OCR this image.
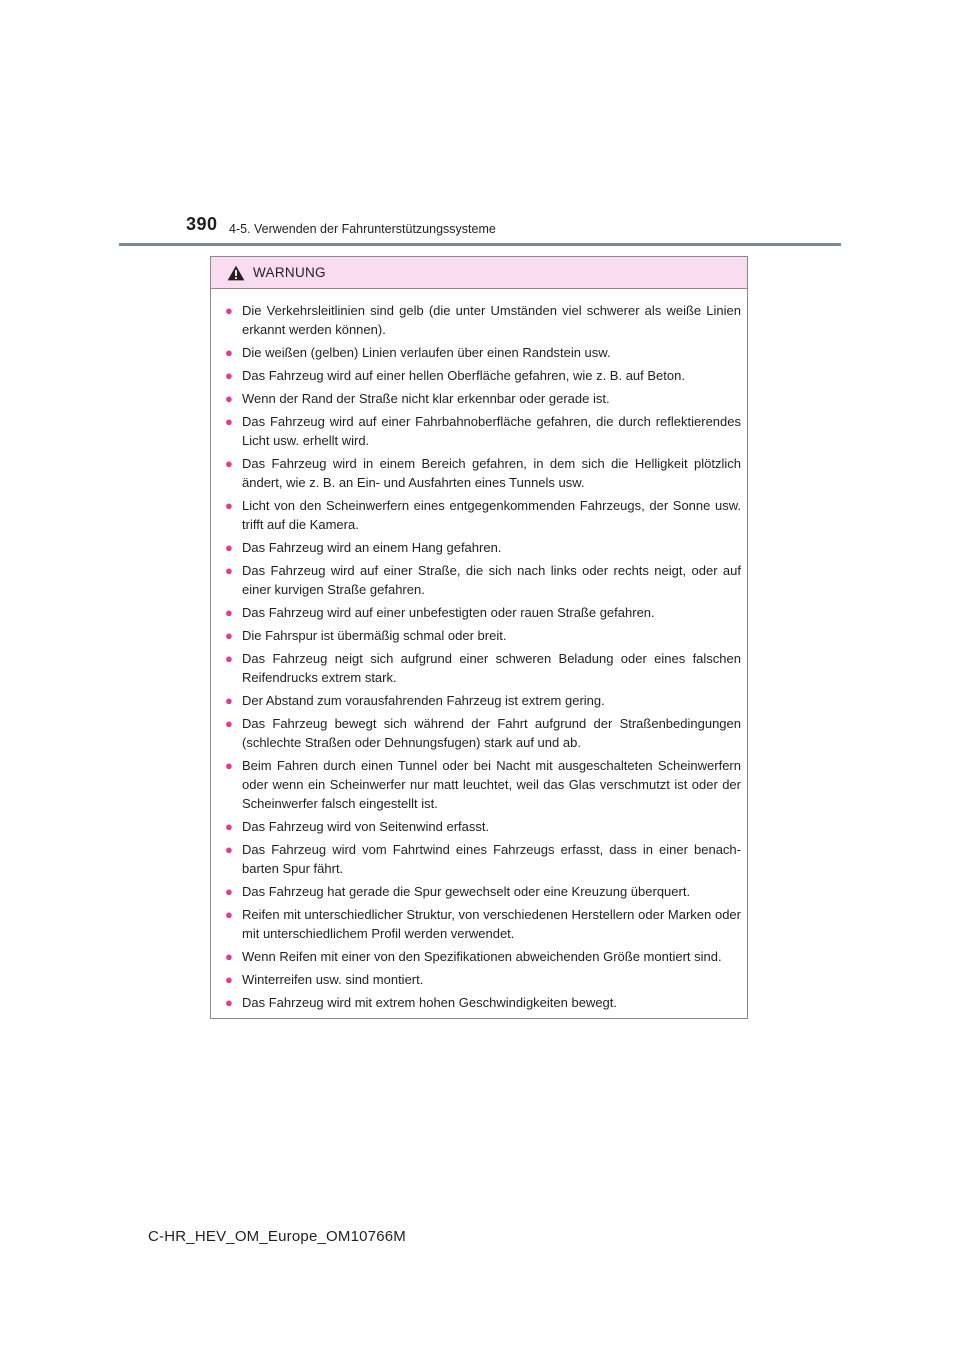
390 4-5. Verwenden der Fahrunterstützungssysteme
WARNUNG
● Die Verkehrsleitlinien sind gelb (die unter Umständen viel schwerer als weiße Linien erkannt werden können).
● Die weißen (gelben) Linien verlaufen über einen Randstein usw.
● Das Fahrzeug wird auf einer hellen Oberfläche gefahren, wie z. B. auf Beton.
● Wenn der Rand der Straße nicht klar erkennbar oder gerade ist.
● Das Fahrzeug wird auf einer Fahrbahnoberfläche gefahren, die durch reflektierendes Licht usw. erhellt wird.
● Das Fahrzeug wird in einem Bereich gefahren, in dem sich die Helligkeit plötzlich ändert, wie z. B. an Ein- und Ausfahrten eines Tunnels usw.
● Licht von den Scheinwerfern eines entgegenkommenden Fahrzeugs, der Sonne usw. trifft auf die Kamera.
● Das Fahrzeug wird an einem Hang gefahren.
● Das Fahrzeug wird auf einer Straße, die sich nach links oder rechts neigt, oder auf einer kurvigen Straße gefahren.
● Das Fahrzeug wird auf einer unbefestigten oder rauen Straße gefahren.
● Die Fahrspur ist übermäßig schmal oder breit.
● Das Fahrzeug neigt sich aufgrund einer schweren Beladung oder eines falschen Reifendrucks extrem stark.
● Der Abstand zum vorausfahrenden Fahrzeug ist extrem gering.
● Das Fahrzeug bewegt sich während der Fahrt aufgrund der Straßenbedingungen (schlechte Straßen oder Dehnungsfugen) stark auf und ab.
● Beim Fahren durch einen Tunnel oder bei Nacht mit ausgeschalteten Scheinwerfern oder wenn ein Scheinwerfer nur matt leuchtet, weil das Glas verschmutzt ist oder der Scheinwerfer falsch eingestellt ist.
● Das Fahrzeug wird von Seitenwind erfasst.
● Das Fahrzeug wird vom Fahrtwind eines Fahrzeugs erfasst, dass in einer benachbarten Spur fährt.
● Das Fahrzeug hat gerade die Spur gewechselt oder eine Kreuzung überquert.
● Reifen mit unterschiedlicher Struktur, von verschiedenen Herstellern oder Marken oder mit unterschiedlichem Profil werden verwendet.
● Wenn Reifen mit einer von den Spezifikationen abweichenden Größe montiert sind.
● Winterreifen usw. sind montiert.
● Das Fahrzeug wird mit extrem hohen Geschwindigkeiten bewegt.
C-HR_HEV_OM_Europe_OM10766M
